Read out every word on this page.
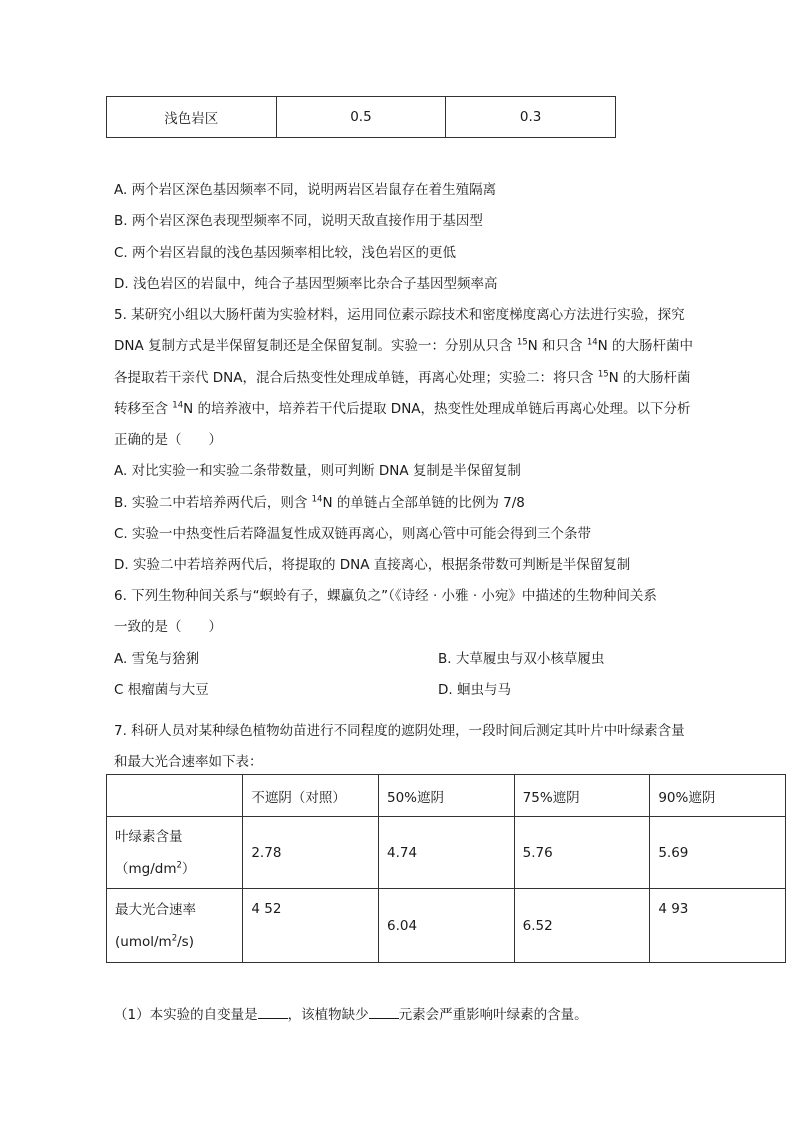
浅色岩区	0.5	0.3
A. 两个岩区深色基因频率不同，说明两岩区岩鼠存在着生殖隔离
B. 两个岩区深色表现型频率不同，说明天敌直接作用于基因型
C. 两个岩区岩鼠的浅色基因频率相比较，浅色岩区的更低
D. 浅色岩区的岩鼠中，纯合子基因型频率比杂合子基因型频率高
5. 某研究小组以大肠杆菌为实验材料，运用同位素示踪技术和密度梯度离心方法进行实验，探究
DNA 复制方式是半保留复制还是全保留复制。实验一：分别从只含 $^{15}$N 和只含 $^{14}$N 的大肠杆菌中
各提取若干亲代 DNA，混合后热变性处理成单链，再离心处理；实验二：将只含 $^{15}$N 的大肠杆菌
转移至含 $^{14}$N 的培养液中，培养若干代后提取 DNA，热变性处理成单链后再离心处理。以下分析
正确的是（　　）
A. 对比实验一和实验二条带数量，则可判断 DNA 复制是半保留复制
B. 实验二中若培养两代后，则含 $^{14}$N 的单链占全部单链的比例为 7/8
C. 实验一中热变性后若降温复性成双链再离心，则离心管中可能会得到三个条带
D. 实验二中若培养两代后，将提取的 DNA 直接离心，根据条带数可判断是半保留复制
6. 下列生物种间关系与“螟蛉有子，蜾蠃负之”（《诗经 · 小雅 · 小宛》中描述的生物种间关系
一致的是（　　）
A. 雪兔与猞猁	B. 大草履虫与双小核草履虫
C 根瘤菌与大豆	D. 蛔虫与马
7. 科研人员对某种绿色植物幼苗进行不同程度的遮阴处理，一段时间后测定其叶片中叶绿素含量
和最大光合速率如下表：
	不遮阴（对照）	50%遮阴	75%遮阴	90%遮阴

叶绿素含量
$(mg/dm^2)$	2.78	4.74	5.76	5.69

最大光合速率
$(umol/m^2/s)$	4 52	6.04	6.52	4 93
（1）本实验的自变量是 ，该植物缺少 元素会严重影响叶绿素的含量。
